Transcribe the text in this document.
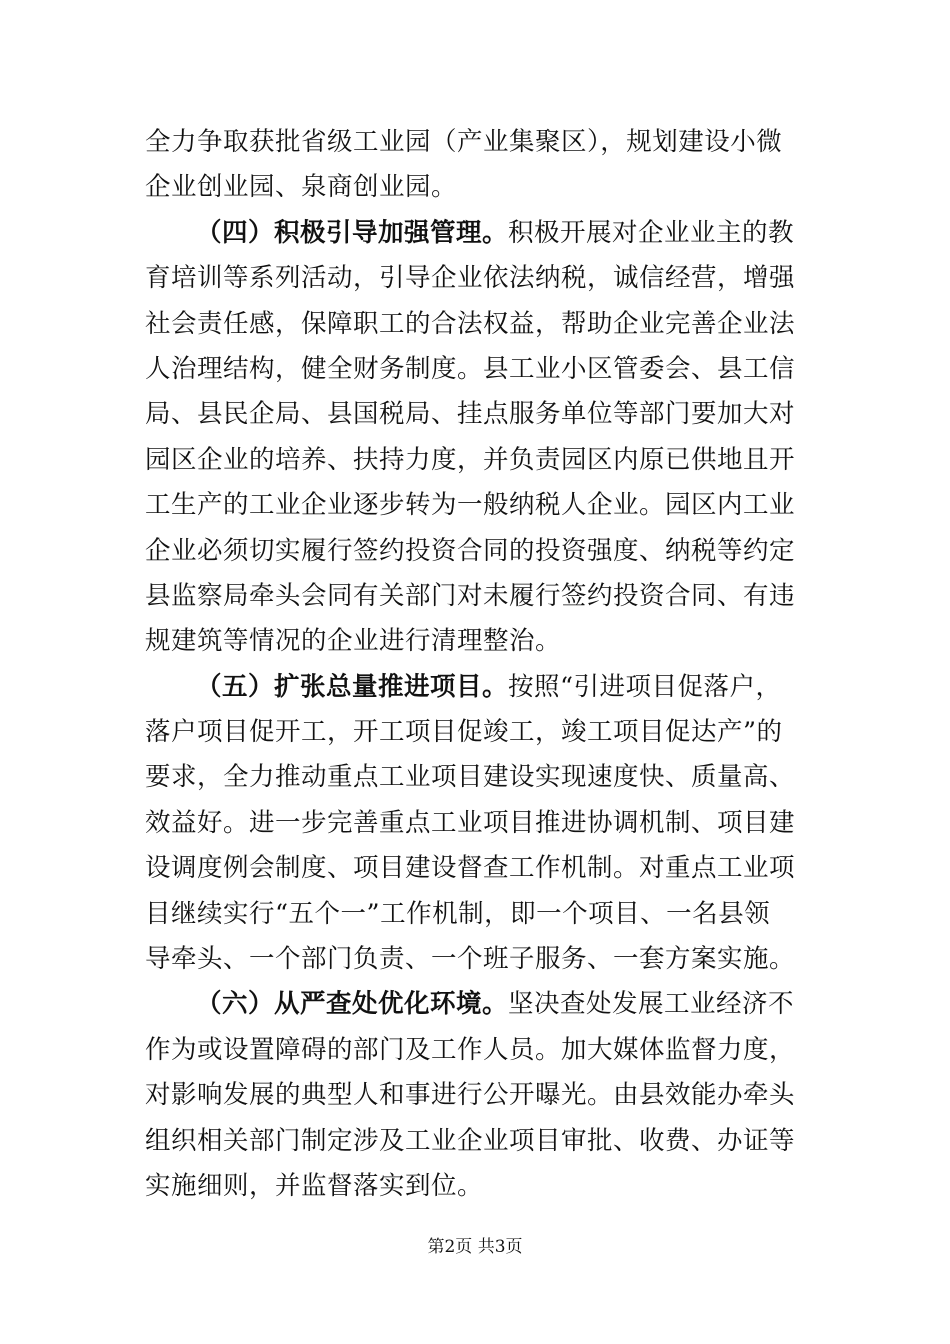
全力争取获批省级工业园（产业集聚区），规划建设小微
企业创业园、泉商创业园。
（四）积极引导加强管理。积极开展对企业业主的教
育培训等系列活动，引导企业依法纳税，诚信经营，增强
社会责任感，保障职工的合法权益，帮助企业完善企业法
人治理结构，健全财务制度。县工业小区管委会、县工信
局、县民企局、县国税局、挂点服务单位等部门要加大对
园区企业的培养、扶持力度，并负责园区内原已供地且开
工生产的工业企业逐步转为一般纳税人企业。园区内工业
企业必须切实履行签约投资合同的投资强度、纳税等约定
县监察局牵头会同有关部门对未履行签约投资合同、有违
规建筑等情况的企业进行清理整治。
（五）扩张总量推进项目。按照“引进项目促落户，
落户项目促开工，开工项目促竣工，竣工项目促达产”的
要求，全力推动重点工业项目建设实现速度快、质量高、
效益好。进一步完善重点工业项目推进协调机制、项目建
设调度例会制度、项目建设督查工作机制。对重点工业项
目继续实行“五个一”工作机制，即一个项目、一名县领
导牵头、一个部门负责、一个班子服务、一套方案实施。
（六）从严查处优化环境。坚决查处发展工业经济不
作为或设置障碍的部门及工作人员。加大媒体监督力度，
对影响发展的典型人和事进行公开曝光。由县效能办牵头
组织相关部门制定涉及工业企业项目审批、收费、办证等
实施细则，并监督落实到位。
第2页 共3页
